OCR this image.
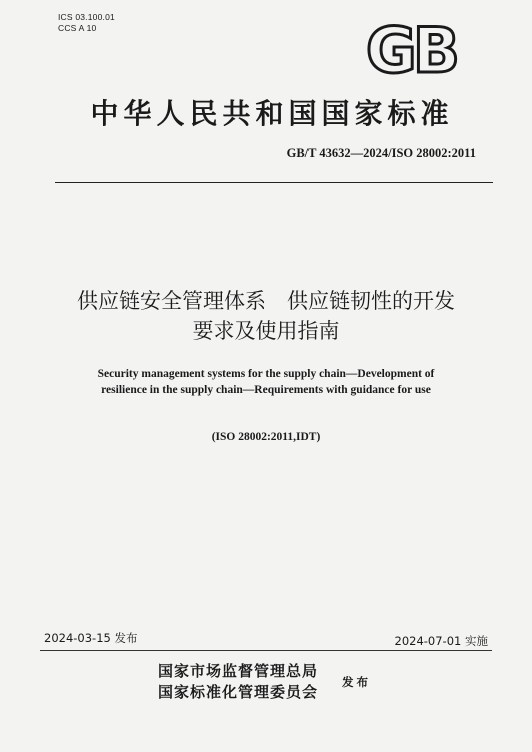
ICS 03.100.01
CCS A 10	GB
中华人民共和国国家标准
GB/T 43632—2024/ISO 28002:2011
供应链安全管理体系　供应链韧性的开发
要求及使用指南
Security management systems for the supply chain—Development of
resilience in the supply chain—Requirements with guidance for use
(ISO 28002:2011,IDT)
2024-03-15 发布	2024-07-01 实施
国家市场监督管理总局
国家标准化管理委员会
发布
